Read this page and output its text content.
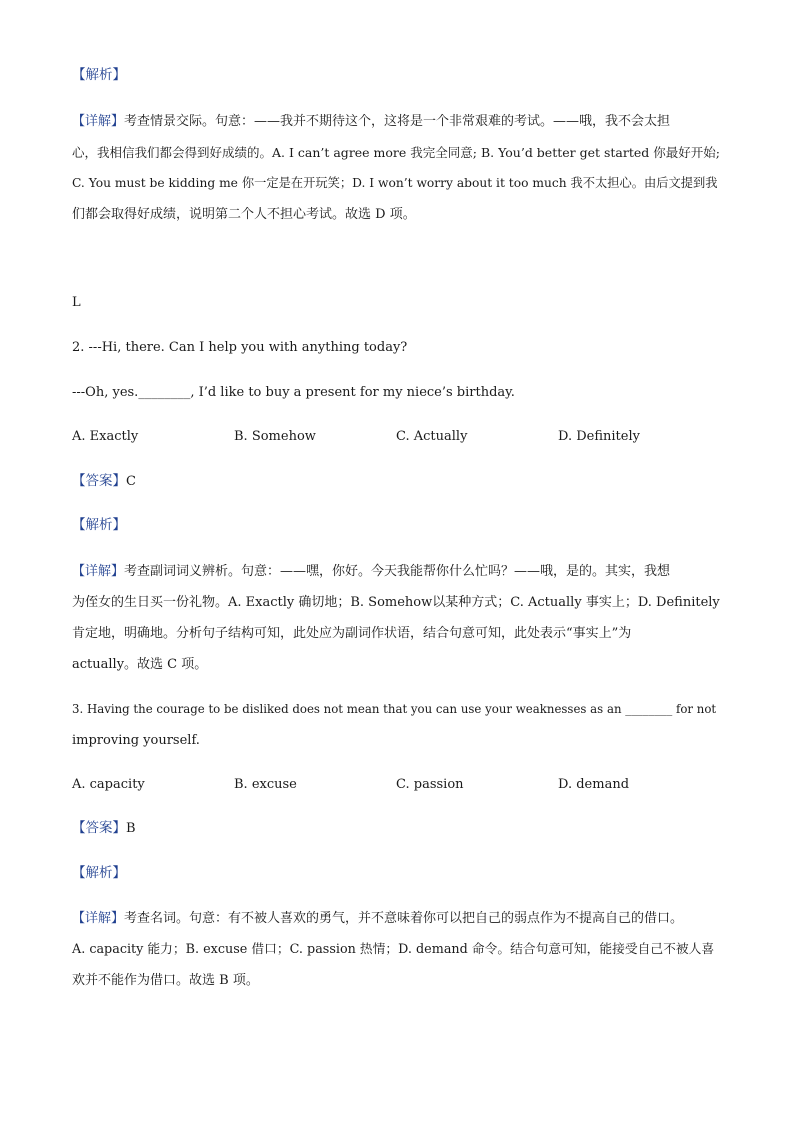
【解析】
【详解】考查情景交际。句意：——我并不期待这个，这将是一个非常艰难的考试。——哦，我不会太担
心，我相信我们都会得到好成绩的。A. I can’t agree more 我完全同意; B. You’d better get started 你最好开始;
C. You must be kidding me 你一定是在开玩笑；D. I won’t worry about it too much 我不太担心。由后文提到我
们都会取得好成绩，说明第二个人不担心考试。故选 D 项。
L
2. ---Hi, there. Can I help you with anything today?
---Oh, yes.________, I’d like to buy a present for my niece’s birthday.
A. Exactly	B. Somehow	C. Actually	D. Definitely
【答案】C
【解析】
【详解】考查副词词义辨析。句意：——嘿，你好。今天我能帮你什么忙吗？——哦，是的。其实，我想
为侄女的生日买一份礼物。A. Exactly 确切地；B. Somehow以某种方式；C. Actually 事实上；D. Definitely
肯定地，明确地。分析句子结构可知，此处应为副词作状语，结合句意可知，此处表示“事实上”为
actually。故选 C 项。
3. Having the courage to be disliked does not mean that you can use your weaknesses as an ________ for not
improving yourself.
A. capacity	B. excuse	C. passion	D. demand
【答案】B
【解析】
【详解】考查名词。句意：有不被人喜欢的勇气，并不意味着你可以把自己的弱点作为不提高自己的借口。
A. capacity 能力；B. excuse 借口；C. passion 热情；D. demand 命令。结合句意可知，能接受自己不被人喜
欢并不能作为借口。故选 B 项。
